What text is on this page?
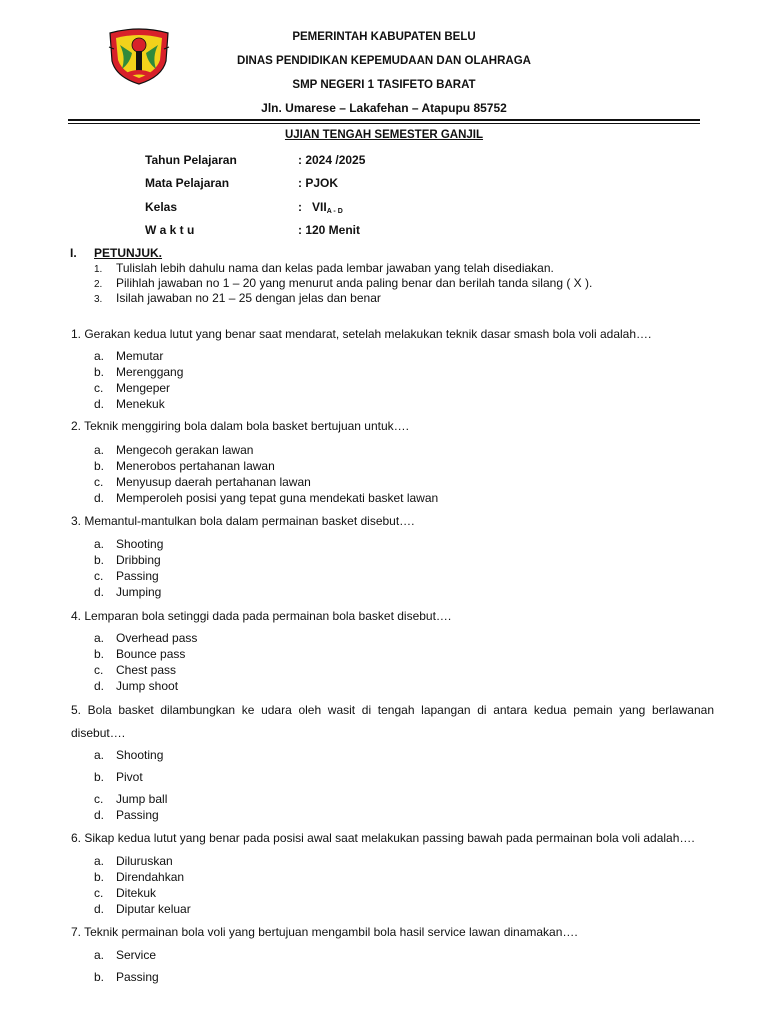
PEMERINTAH KABUPATEN BELU
DINAS PENDIDIKAN KEPEMUDAAN DAN OLAHRAGA
SMP NEGERI 1 TASIFETO BARAT
Jln. Umarese – Lakafehan – Atapupu 85752
UJIAN TENGAH SEMESTER GANJIL
Tahun Pelajaran	: 2024 /2025
Mata Pelajaran	: PJOK
Kelas	: $VII_{A - D}$
W a k t u	: 120 Menit
I. PETUNJUK.
1. Tulislah lebih dahulu nama dan kelas pada lembar jawaban yang telah disediakan.
2. Pilihlah jawaban no 1 – 20 yang menurut anda paling benar dan berilah tanda silang ( X ).
3. Isilah jawaban no 21 – 25 dengan jelas dan benar
1. Gerakan kedua lutut yang benar saat mendarat, setelah melakukan teknik dasar smash bola voli adalah….
a. Memutar
b. Merenggang
c. Mengeper
d. Menekuk
2. Teknik menggiring bola dalam bola basket bertujuan untuk….
a. Mengecoh gerakan lawan
b. Menerobos pertahanan lawan
c. Menyusup daerah pertahanan lawan
d. Memperoleh posisi yang tepat guna mendekati basket lawan
3. Memantul-mantulkan bola dalam permainan basket disebut….
a. Shooting
b. Dribbing
c. Passing
d. Jumping
4. Lemparan bola setinggi dada pada permainan bola basket disebut….
a. Overhead pass
b. Bounce pass
c. Chest pass
d. Jump shoot
5. Bola basket dilambungkan ke udara oleh wasit di tengah lapangan di antara kedua pemain yang berlawanan
disebut….
a. Shooting
b. Pivot
c. Jump ball
d. Passing
6. Sikap kedua lutut yang benar pada posisi awal saat melakukan passing bawah pada permainan bola voli adalah….
a. Diluruskan
b. Direndahkan
c. Ditekuk
d. Diputar keluar
7. Teknik permainan bola voli yang bertujuan mengambil bola hasil service lawan dinamakan….
a. Service
b. Passing
